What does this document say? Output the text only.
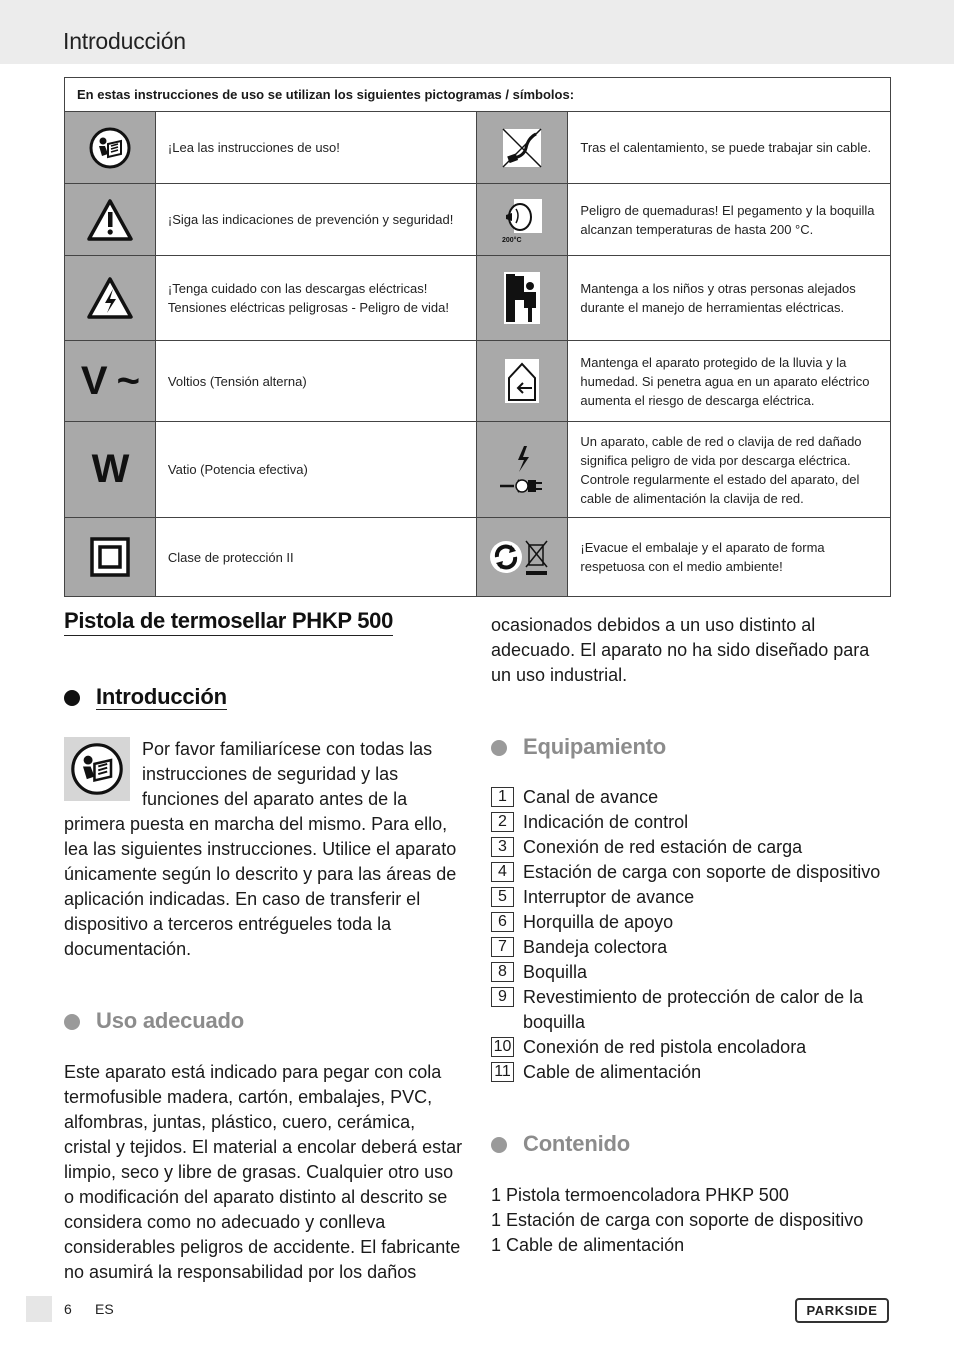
Introducción
En estas instrucciones de uso se utilizan los siguientes pictogramas / símbolos:			

	¡Lea las instrucciones de uso!		Tras el calentamiento, se puede trabajar sin cable.

	¡Siga las indicaciones de prevención y seguridad!	200°C	Peligro de quemaduras! El pegamento y la boquilla alcanzan temperaturas de hasta 200 °C.

	¡Tenga cuidado con las descargas eléctricas! Tensiones eléctricas peligrosas - Peligro de vida!		Mantenga a los niños y otras personas alejados durante el manejo de herramientas eléctricas.
V ~	Voltios (Tensión alterna)		Mantenga el aparato protegido de la lluvia y la humedad. Si penetra agua en un aparato eléctrico aumenta el riesgo de descarga eléctrica.
W	Vatio (Potencia efectiva)		Un aparato, cable de red o clavija de red dañado significa peligro de vida por descarga eléctrica. Controle regularmente el estado del aparato, del cable de alimentación la clavija de red.

	Clase de protección II		¡Evacue el embalaje y el aparato de forma respetuosa con el medio ambiente!
Pistola de termosellar PHKP 500
Introducción
Por favor familiarícese con todas las instrucciones de seguridad y las funciones del aparato antes de la primera puesta en marcha del mismo. Para ello, lea las siguientes instrucciones. Utilice el aparato únicamente según lo descrito y para las áreas de aplicación indicadas. En caso de transferir el dispositivo a terceros entrégueles toda la documentación.
Uso adecuado
Este aparato está indicado para pegar con cola termofusible madera, cartón, embalajes, PVC, alfombras, juntas, plástico, cuero, cerámica, cristal y tejidos. El material a encolar deberá estar limpio, seco y libre de grasas. Cualquier otro uso o modificación del aparato distinto al descrito se considera como no adecuado y conlleva considerables peligros de accidente. El fabricante no asumirá la responsabilidad por los daños
ocasionados debidos a un uso distinto al adecuado. El aparato no ha sido diseñado para un uso industrial.
Equipamiento
1 Canal de avance
2 Indicación de control
3 Conexión de red estación de carga
4 Estación de carga con soporte de dispositivo
5 Interruptor de avance
6 Horquilla de apoyo
7 Bandeja colectora
8 Boquilla
9 Revestimiento de protección de calor de la boquilla
10 Conexión de red pistola encoladora
11 Cable de alimentación
Contenido
1 Pistola termoencoladora PHKP 500
1 Estación de carga con soporte de dispositivo
1 Cable de alimentación
6 ES	PARKSIDE
